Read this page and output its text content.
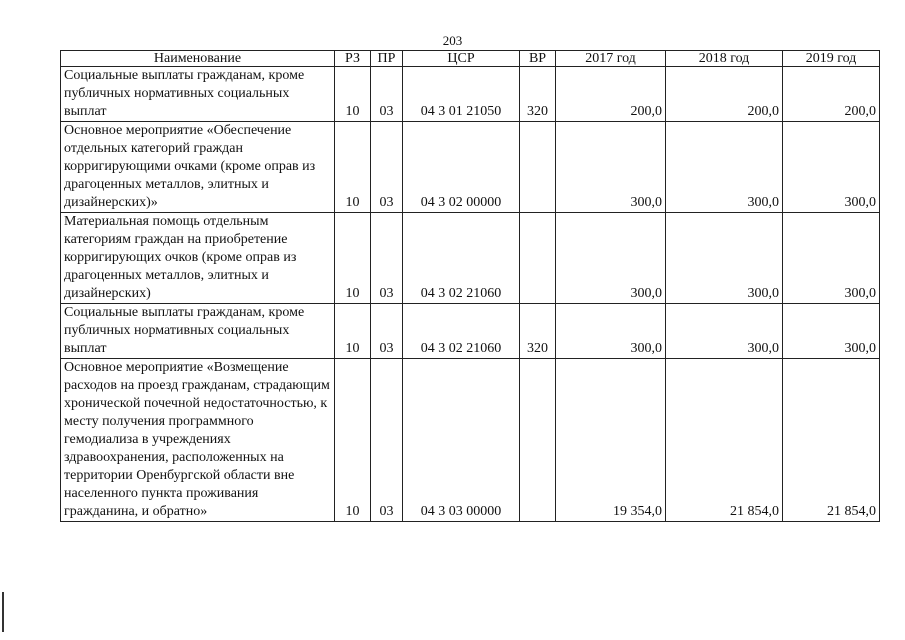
203
Наименование	РЗ	ПР	ЦСР	ВР	2017 год	2018 год	2019 год
Социальные выплаты гражданам, кроме публичных нормативных социальных выплат	10	03	04 3 01 21050	320	200,0	200,0	200,0
Основное мероприятие «Обеспечение отдельных категорий граждан корригирующими очками (кроме оправ из драгоценных металлов, элитных и дизайнерских)»	10	03	04 3 02 00000		300,0	300,0	300,0
Материальная помощь отдельным категориям граждан на приобретение корригирующих очков (кроме оправ из драгоценных металлов, элитных и дизайнерских)	10	03	04 3 02 21060		300,0	300,0	300,0
Социальные выплаты гражданам, кроме публичных нормативных социальных выплат	10	03	04 3 02 21060	320	300,0	300,0	300,0
Основное мероприятие «Возмещение расходов на проезд гражданам, страдающим хронической почечной недостаточностью, к месту получения программного гемодиализа в учреждениях здравоохранения, расположенных на территории Оренбургской области вне населенного пункта проживания гражданина, и обратно»	10	03	04 3 03 00000		19 354,0	21 854,0	21 854,0
